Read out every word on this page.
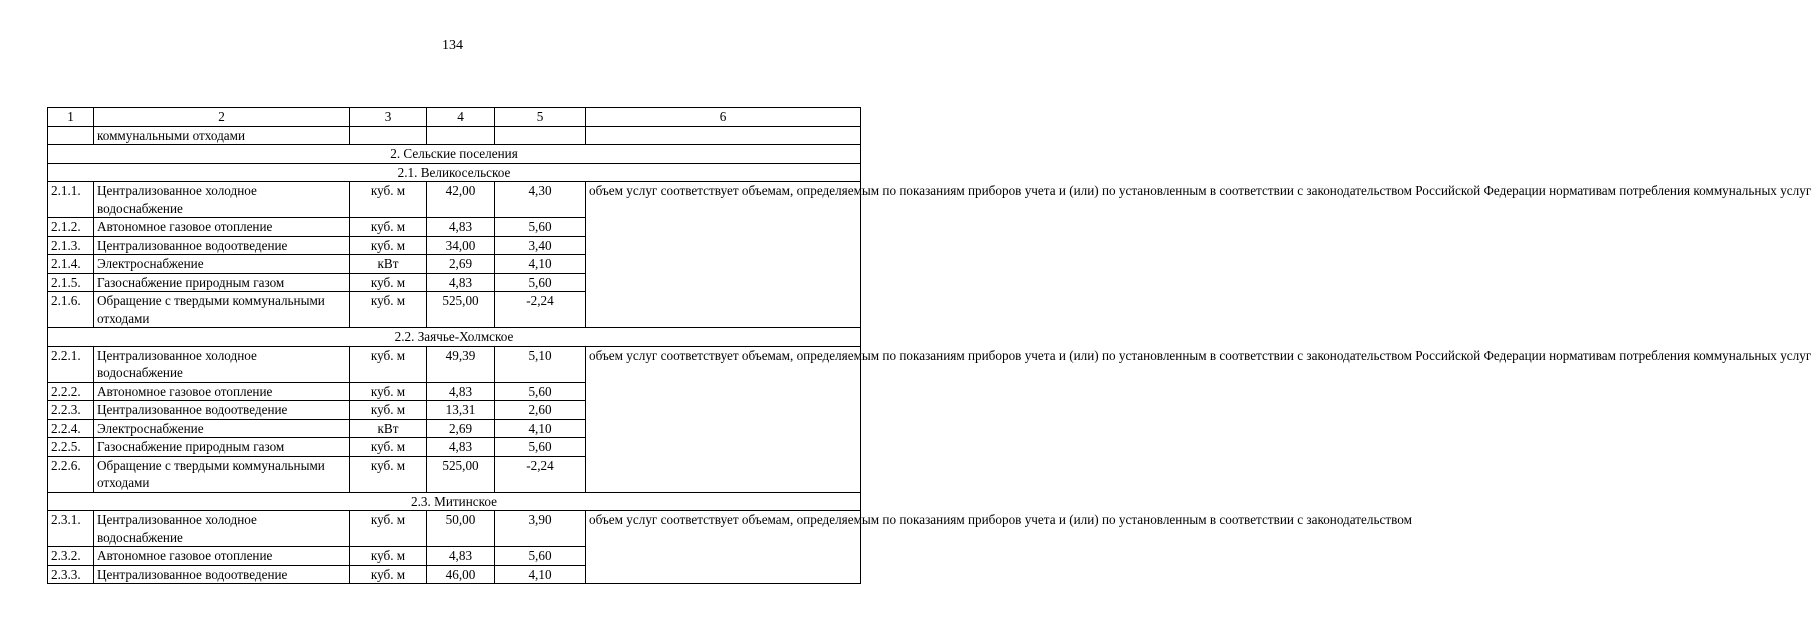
134
1	2	3	4	5	6
	коммунальными отходами				
2. Сельские поселения					
2.1. Великосельское					
2.1.1.	Централизованное холодное водоснабжение	куб. м	42,00	4,30	объем услуг соответствует объемам, определяемым по показаниям приборов учета и (или) по установленным в соответствии с законодательством Российской Федерации нормативам потребления коммунальных услуг
2.1.2.	Автономное газовое отопление	куб. м	4,83	5,60	
2.1.3.	Централизованное водоотведение	куб. м	34,00	3,40	
2.1.4.	Электроснабжение	кВт	2,69	4,10	
2.1.5.	Газоснабжение природным газом	куб. м	4,83	5,60	
2.1.6.	Обращение с твердыми коммунальными отходами	куб. м	525,00	-2,24	
2.2. Заячье-Холмское					
2.2.1.	Централизованное холодное водоснабжение	куб. м	49,39	5,10	объем услуг соответствует объемам, определяемым по показаниям приборов учета и (или) по установленным в соответствии с законодательством Российской Федерации нормативам потребления коммунальных услуг
2.2.2.	Автономное газовое отопление	куб. м	4,83	5,60	
2.2.3.	Централизованное водоотведение	куб. м	13,31	2,60	
2.2.4.	Электроснабжение	кВт	2,69	4,10	
2.2.5.	Газоснабжение природным газом	куб. м	4,83	5,60	
2.2.6.	Обращение с твердыми коммунальными отходами	куб. м	525,00	-2,24	
2.3. Митинское					
2.3.1.	Централизованное холодное водоснабжение	куб. м	50,00	3,90	объем услуг соответствует объемам, определяемым по показаниям приборов учета и (или) по установленным в соответствии с законодательством
2.3.2.	Автономное газовое отопление	куб. м	4,83	5,60	
2.3.3.	Централизованное водоотведение	куб. м	46,00	4,10	
